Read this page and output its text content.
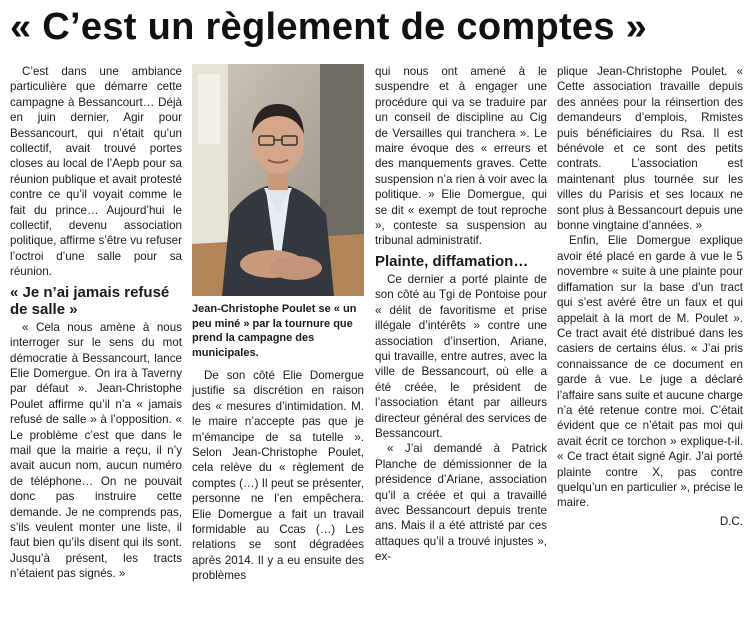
« C’est un règlement de comptes »

C’est dans une ambiance particulière que démarre cette campagne à Bessancourt… Déjà en juin dernier, Agir pour Bessancourt, qui n’était qu’un collectif, avait trouvé portes closes au local de l’Aepb pour sa réunion publique et avait protesté contre ce qu’il voyait comme le fait du prince… Aujourd’hui le collectif, devenu association politique, affirme s’être vu refuser l’octroi d’une salle pour sa réunion.

« Je n’ai jamais refusé de salle »

« Cela nous amène à nous interroger sur le sens du mot démocratie à Bessancourt, lance Elie Domergue. On ira à Taverny par défaut ». Jean-Christophe Poulet affirme qu’il n’a « jamais refusé de salle » à l’opposition. « Le problème c’est que dans le mail que la mairie a reçu, il n’y avait aucun nom, aucun numéro de téléphone… On ne pouvait donc pas instruire cette demande. Je ne comprends pas, s’ils veulent monter une liste, il faut bien qu’ils disent qui ils sont. Jusqu’à présent, les tracts n’étaient pas signés. »

Jean-Christophe Poulet se « un peu miné » par la tournure que prend la campagne des municipales.

De son côté Elie Domergue justifie sa discrétion en raison des « mesures d’intimidation. M. le maire n’accepte pas que je m’émancipe de sa tutelle ». Selon Jean-Christophe Poulet, cela relève du « règlement de comptes (…) Il peut se présenter, personne ne l’en empêchera. Elie Domergue a fait un travail formidable au Ccas (…) Les relations se sont dégradées après 2014. Il y a eu ensuite des problèmes

qui nous ont amené à le suspendre et à engager une procédure qui va se traduire par un conseil de discipline au Cig de Versailles qui tranchera ». Le maire évoque des « erreurs et des manquements graves. Cette suspension n’a rien à voir avec la politique. » Elie Domergue, qui se dit « exempt de tout reproche », conteste sa suspension au tribunal administratif.

Plainte, diffamation…

Ce dernier a porté plainte de son côté au Tgi de Pontoise pour « délit de favoritisme et prise illégale d’intérêts » contre une association d’insertion, Ariane, qui travaille, entre autres, avec la ville de Bessancourt, où elle a été créée, le président de l’association étant par ailleurs directeur général des services de Bessancourt.

« J’ai demandé à Patrick Planche de démissionner de la présidence d’Ariane, association qu’il a créée et qui a travaillé avec Bessancourt depuis trente ans. Mais il a été attristé par ces attaques qu’il a trouvé injustes », ex-

plique Jean-Christophe Poulet. « Cette association travaille depuis des années pour la réinsertion des demandeurs d’emplois, Rmistes puis bénéficiaires du Rsa. Il est bénévole et ce sont des petits contrats. L’association est maintenant plus tournée sur les villes du Parisis et ses locaux ne sont plus à Bessancourt depuis une bonne vingtaine d’années. »

Enfin, Elie Domergue explique avoir été placé en garde à vue le 5 novembre « suite à une plainte pour diffamation sur la base d’un tract qui s’est avéré être un faux et qui appelait à la mort de M. Poulet ». Ce tract avait été distribué dans les casiers de certains élus. « J’ai pris connaissance de ce document en garde à vue. Le juge a déclaré l’affaire sans suite et aucune charge n’a été retenue contre moi. C’était évident que ce n’était pas moi qui avait écrit ce torchon » explique-t-il. « Ce tract était signé Agir. J’ai porté plainte contre X, pas contre quelqu’un en particulier », précise le maire.

D.C.
